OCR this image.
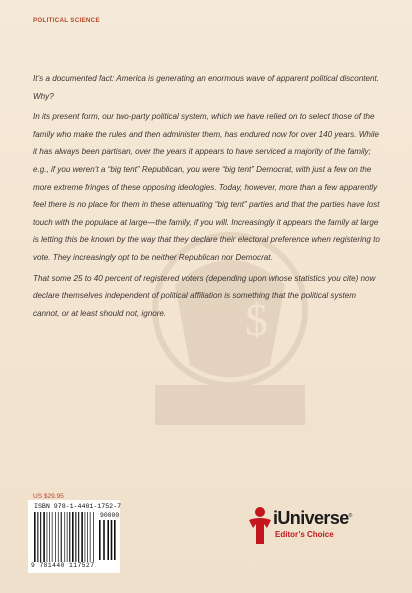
$
POLITICAL SCIENCE

It’s a documented fact: America is generating an enormous wave of apparent political discontent. Why?

In its present form, our two-party political system, which we have relied on to select those of the family who make the rules and then administer them, has endured now for over 140 years. While it has always been partisan, over the years it appears to have serviced a majority of the family; e.g., if you weren’t a “big tent” Republican, you were “big tent” Democrat, with just a few on the more extreme fringes of these opposing ideologies. Today, however, more than a few apparently feel there is no place for them in these attenuating “big tent” parties and that the parties have lost touch with the populace at large—the family, if you will. Increasingly it appears the family at large is letting this be known by the way that they declare their electoral preference when registering to vote. They increasingly opt to be neither Republican nor Democrat.

That some 25 to 40 percent of registered voters (depending upon whose statistics you cite) now declare themselves independent of political affiliation is something that the political system cannot, or at least should not, ignore.

US $29.95
ISBN 978-1-4401-1752-7
90000
9 781440 117527
iUniverse®
Editor’s Choice
